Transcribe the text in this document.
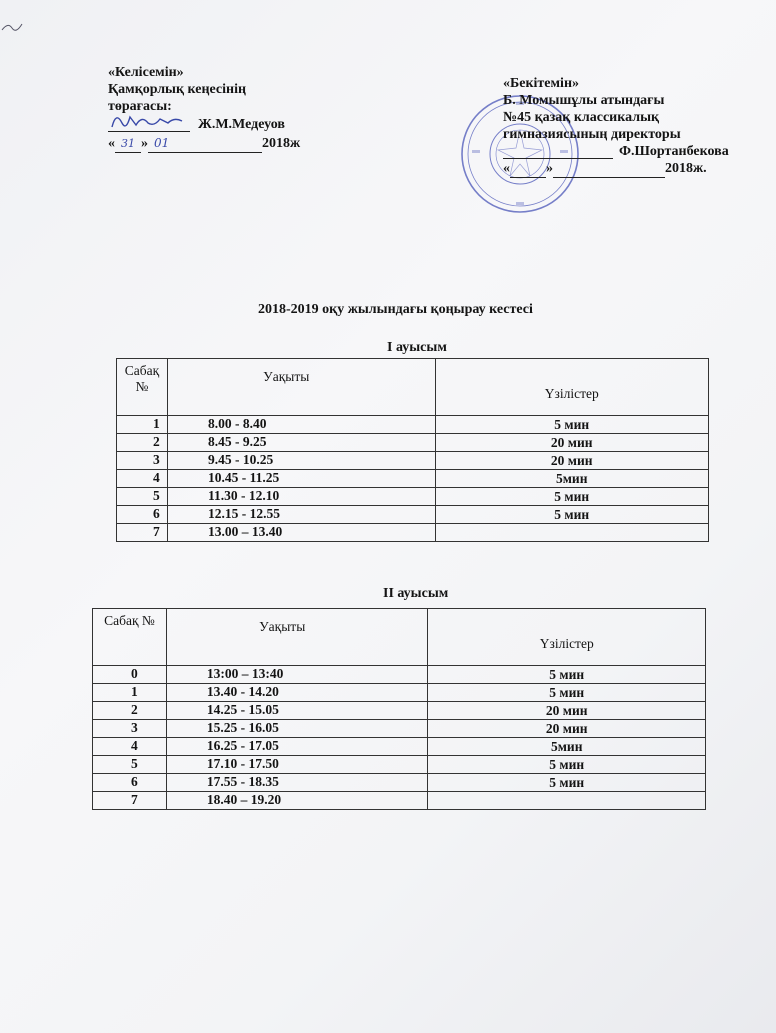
«Келісемін»
Қамқорлық кеңесінің
төрағасы:
Ж.М.Медеуов
« 31 » 01	2018ж
«Бекітемін»
Б. Момышұлы атындағы
№45 қазақ классикалық
гимназиясының директоры
Ф.Шортанбекова
«	»	2018ж.
2018-2019 оқу жылындағы қоңырау кестесі
I ауысым
Сабақ №	Уақыты	Үзілістер
1	8.00 - 8.40	5 мин
2	8.45 - 9.25	20 мин
3	9.45 - 10.25	20 мин
4	10.45 - 11.25	5мин
5	11.30 - 12.10	5 мин
6	12.15 - 12.55	5 мин
7	13.00 – 13.40	
II ауысым
Сабақ №	Уақыты	Үзілістер
0	13:00 – 13:40	5 мин
1	13.40 - 14.20	5 мин
2	14.25 - 15.05	20 мин
3	15.25 - 16.05	20 мин
4	16.25 - 17.05	5мин
5	17.10 - 17.50	5 мин
6	17.55 - 18.35	5 мин
7	18.40 – 19.20	
